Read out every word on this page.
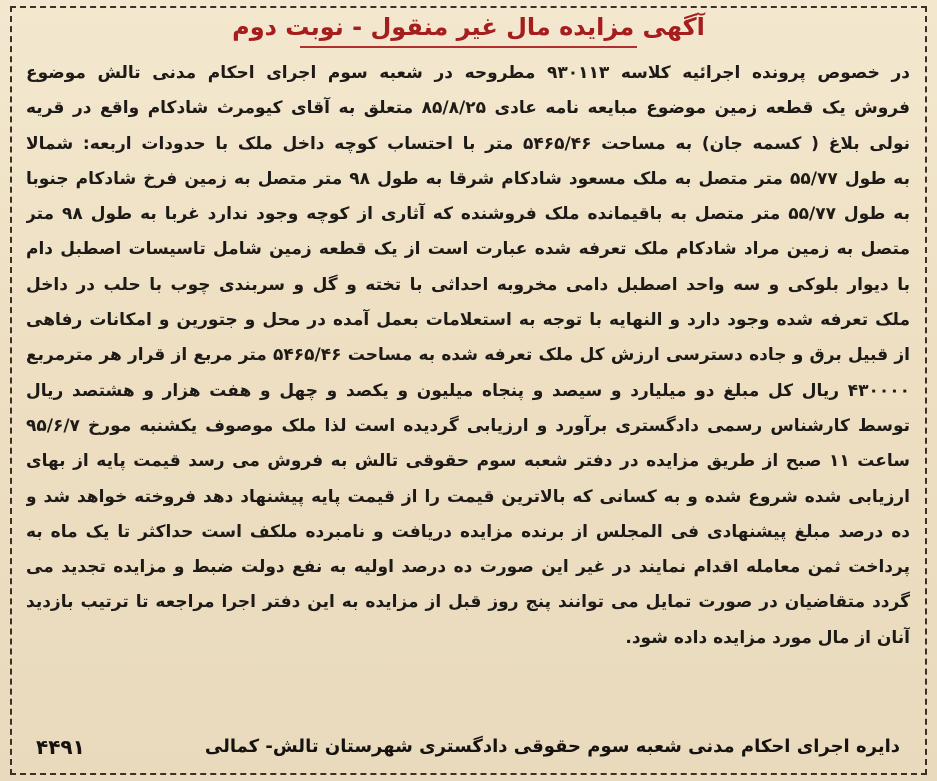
آگهی مزایده مال غیر منقول - نوبت دوم
در خصوص پرونده اجرائیه کلاسه ۹۳۰۱۱۳ مطروحه در شعبه سوم اجرای احکام مدنی تالش موضوع
فروش یک قطعه زمین موضوع مبایعه نامه عادی ۸۵/۸/۲۵ متعلق به آقای کیومرث شادکام واقع در قریه
نولی بلاغ ( کسمه جان) به مساحت ۵۴۶۵/۴۶ متر با احتساب کوچه داخل ملک با حدودات اربعه: شمالا
به طول ۵۵/۷۷ متر متصل به ملک مسعود شادکام شرقا به طول ۹۸ متر متصل به زمین فرخ شادکام جنوبا
به طول ۵۵/۷۷ متر متصل به باقیمانده ملک فروشنده که آثاری از کوچه وجود ندارد غربا به طول ۹۸ متر
متصل به زمین مراد شادکام ملک تعرفه شده عبارت است از یک قطعه زمین شامل تاسیسات اصطبل دام
با دیوار بلوکی و سه واحد اصطبل دامی مخروبه احداثی با تخته و گل و سربندی چوب با حلب در داخل
ملک تعرفه شده وجود دارد و النهایه با توجه به استعلامات بعمل آمده در محل و جتورین و امکانات رفاهی
از قبیل برق و جاده دسترسی ارزش کل ملک تعرفه شده به مساحت ۵۴۶۵/۴۶ متر مربع از قرار هر مترمربع
۴۳۰۰۰۰ ریال کل مبلغ دو میلیارد و سیصد و پنجاه میلیون و یکصد و چهل و هفت هزار و هشتصد ریال
توسط کارشناس رسمی دادگستری برآورد و ارزیابی گردیده است لذا ملک موصوف یکشنبه مورخ ۹۵/۶/۷
ساعت ۱۱ صبح از طریق مزایده در دفتر شعبه سوم حقوقی تالش به فروش می رسد قیمت پایه از بهای
ارزیابی شده شروع شده و به کسانی که بالاترین قیمت را از قیمت پایه پیشنهاد دهد فروخته خواهد شد و
ده درصد مبلغ پیشنهادی فی المجلس از برنده مزایده دریافت و نامبرده ملکف است حداکثر تا یک ماه به
پرداخت ثمن معامله اقدام نمایند در غیر این صورت ده درصد اولیه به نفع دولت ضبط و مزایده تجدید می
گردد متقاضیان در صورت تمایل می توانند پنج روز قبل از مزایده به این دفتر اجرا مراجعه تا ترتیب بازدید
آنان از مال مورد مزایده داده شود.
دایره اجرای احکام مدنی شعبه سوم حقوقی دادگستری شهرستان تالش- کمالی
۴۴۹۱
